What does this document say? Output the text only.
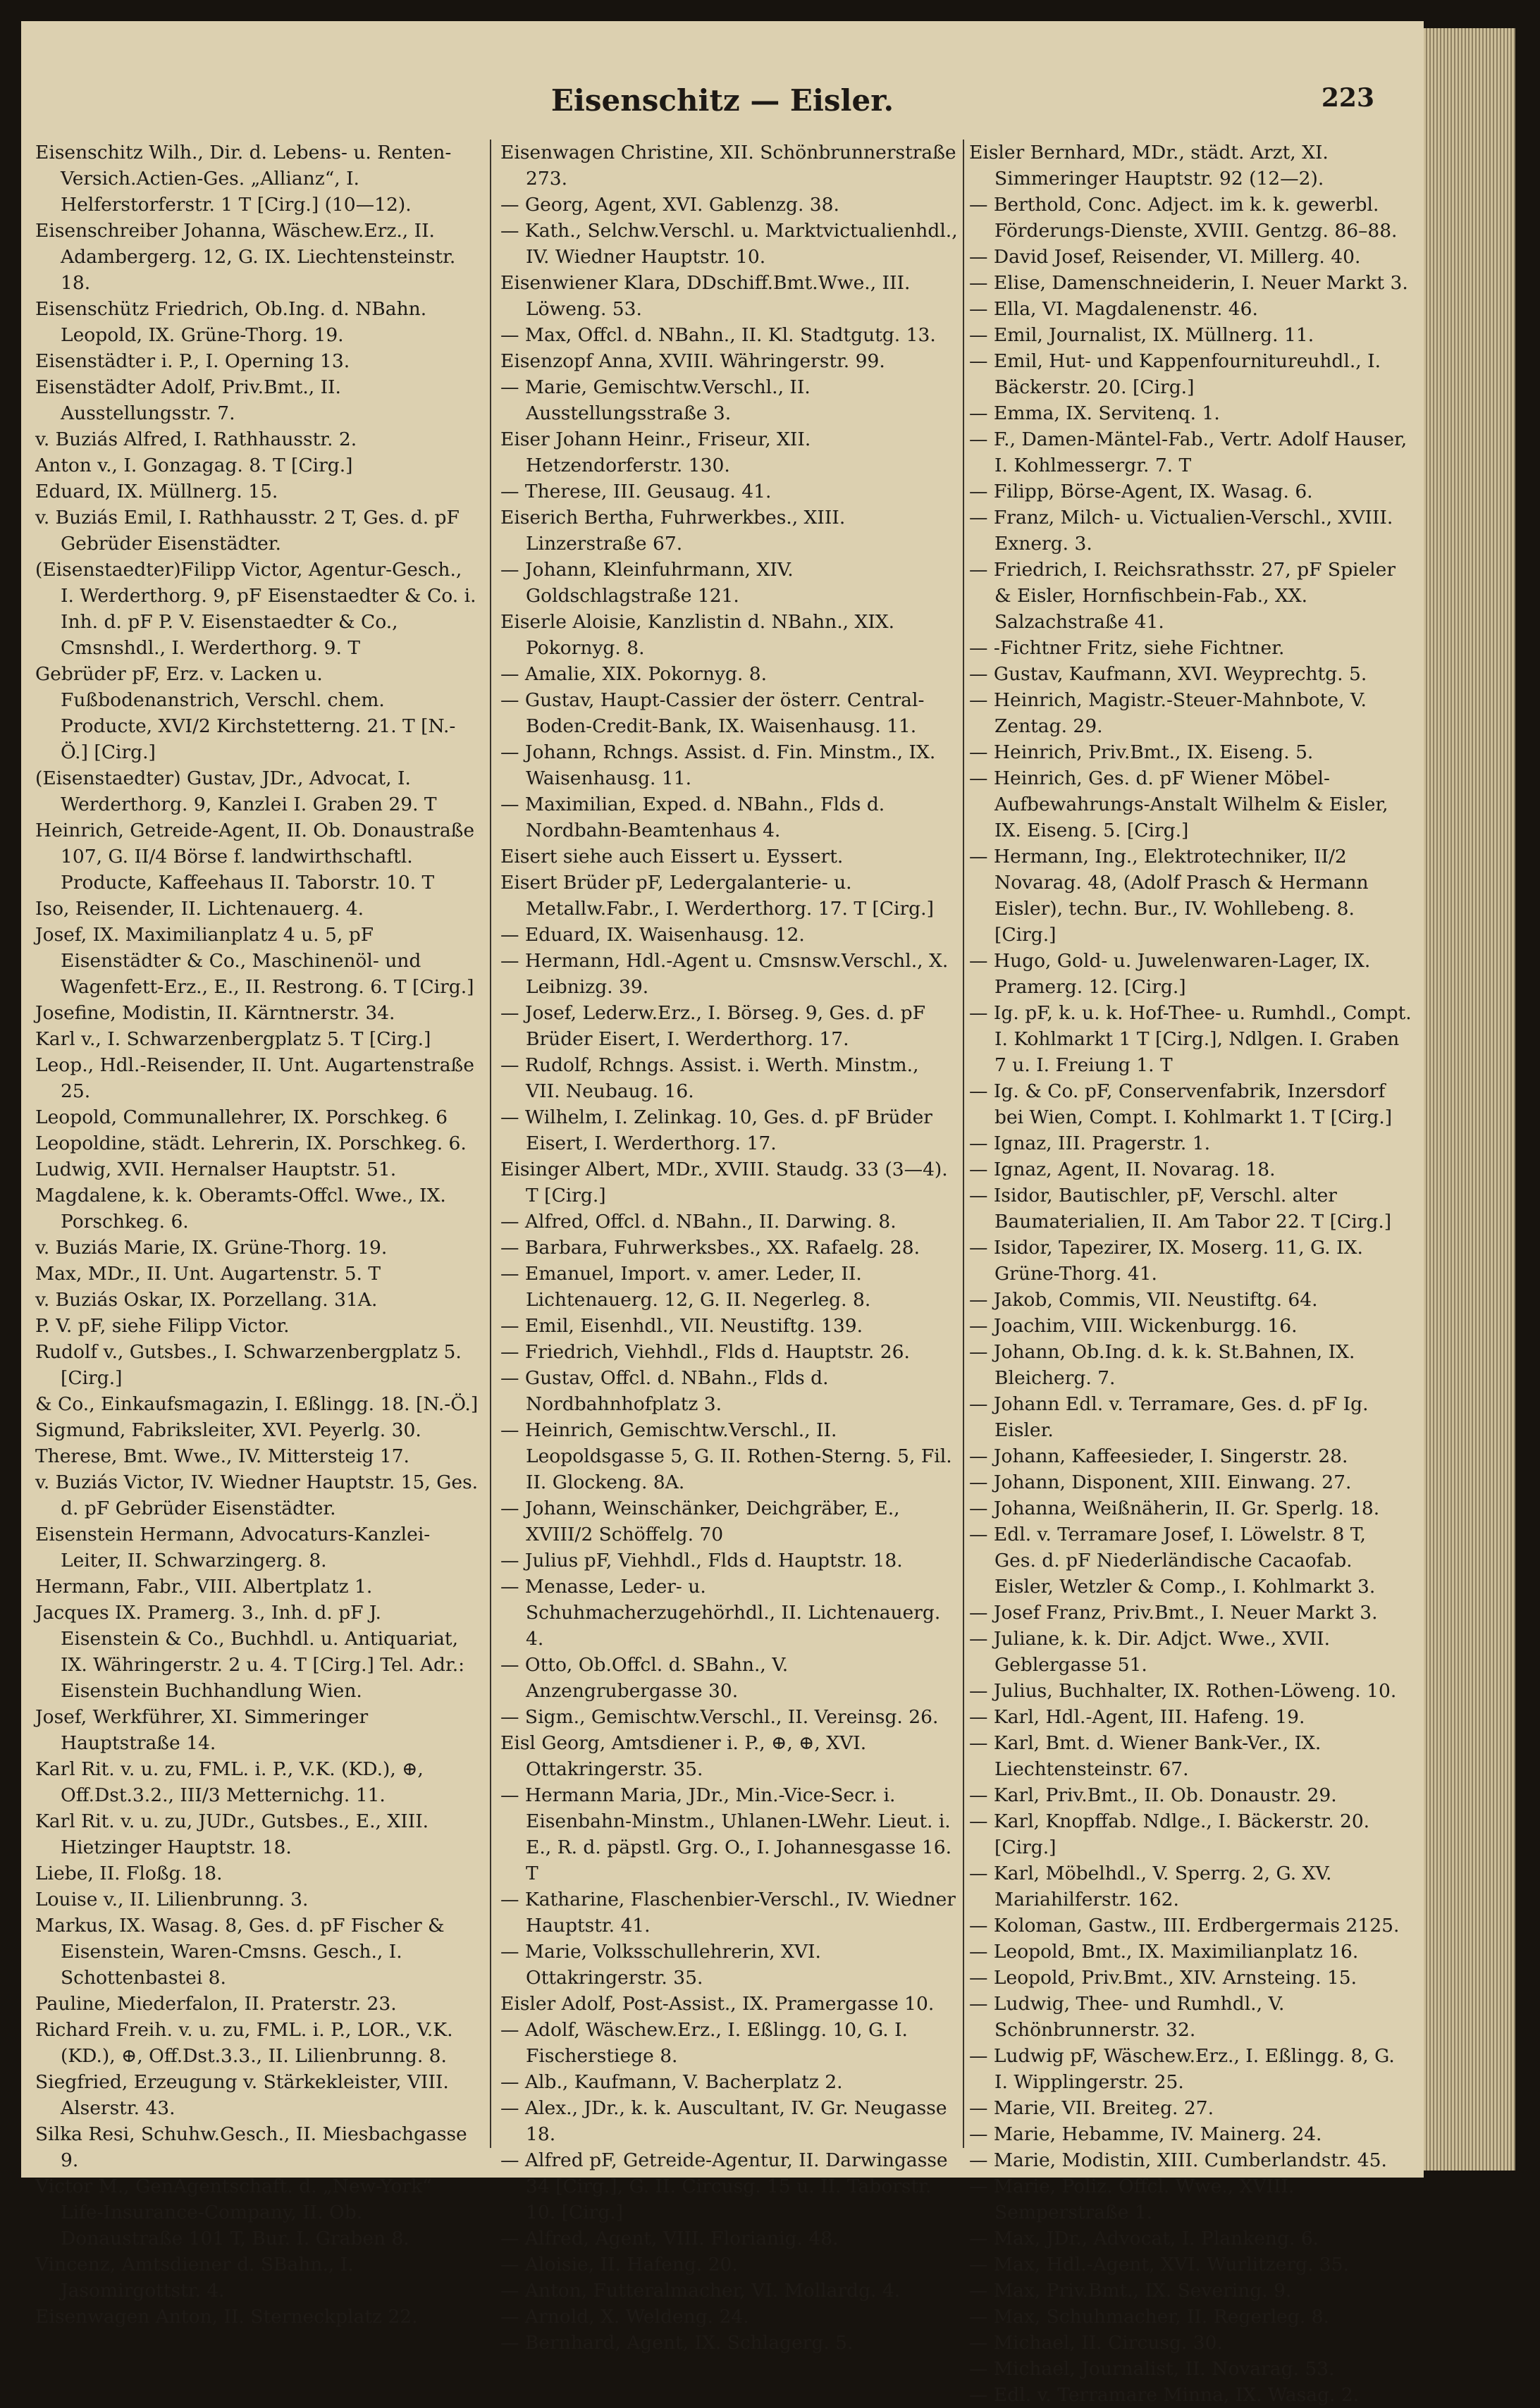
Eisenschitz — Eisler.	223
Eisenschitz Wilh., Dir. d. Lebens- u. Renten-Versich.Actien-Ges. „Allianz“, I. Helferstorferstr. 1 T [Cirg.] (10—12).
Eisenschreiber Johanna, Wäschew.Erz., II. Adambergerg. 12, G. IX. Liechtensteinstr. 18.
Eisenschütz Friedrich, Ob.Ing. d. NBahn. Leopold, IX. Grüne-Thorg. 19.
Eisenstädter i. P., I. Operning 13.
Eisenstädter Adolf, Priv.Bmt., II. Ausstellungsstr. 7.
v. Buziás Alfred, I. Rathhausstr. 2.
Anton v., I. Gonzagag. 8. T [Cirg.]
Eduard, IX. Müllnerg. 15.
v. Buziás Emil, I. Rathhausstr. 2 T, Ges. d. pF Gebrüder Eisenstädter.
(Eisenstaedter)Filipp Victor, Agentur-Gesch., I. Werderthorg. 9, pF Eisenstaedter & Co. i. Inh. d. pF P. V. Eisenstaedter & Co., Cmsnshdl., I. Werderthorg. 9. T
Gebrüder pF, Erz. v. Lacken u. Fußbodenanstrich, Verschl. chem. Producte, XVI/2 Kirchstetterng. 21. T [N.-Ö.] [Cirg.]
(Eisenstaedter) Gustav, JDr., Advocat, I. Werderthorg. 9, Kanzlei I. Graben 29. T
Heinrich, Getreide-Agent, II. Ob. Donaustraße 107, G. II/4 Börse f. landwirthschaftl. Producte, Kaffeehaus II. Taborstr. 10. T
Iso, Reisender, II. Lichtenauerg. 4.
Josef, IX. Maximilianplatz 4 u. 5, pF Eisenstädter & Co., Maschinenöl- und Wagenfett-Erz., E., II. Restrong. 6. T [Cirg.]
Josefine, Modistin, II. Kärntnerstr. 34.
Karl v., I. Schwarzenbergplatz 5. T [Cirg.]
Leop., Hdl.-Reisender, II. Unt. Augartenstraße 25.
Leopold, Communallehrer, IX. Porschkeg. 6
Leopoldine, städt. Lehrerin, IX. Porschkeg. 6.
Ludwig, XVII. Hernalser Hauptstr. 51.
Magdalene, k. k. Oberamts-Offcl. Wwe., IX. Porschkeg. 6.
v. Buziás Marie, IX. Grüne-Thorg. 19.
Max, MDr., II. Unt. Augartenstr. 5. T
v. Buziás Oskar, IX. Porzellang. 31A.
P. V. pF, siehe Filipp Victor.
Rudolf v., Gutsbes., I. Schwarzenbergplatz 5. [Cirg.]
& Co., Einkaufsmagazin, I. Eßlingg. 18. [N.-Ö.]
Sigmund, Fabriksleiter, XVI. Peyerlg. 30.
Therese, Bmt. Wwe., IV. Mittersteig 17.
v. Buziás Victor, IV. Wiedner Hauptstr. 15, Ges. d. pF Gebrüder Eisenstädter.
Eisenstein Hermann, Advocaturs-Kanzlei-Leiter, II. Schwarzingerg. 8.
Hermann, Fabr., VIII. Albertplatz 1.
Jacques IX. Pramerg. 3., Inh. d. pF J. Eisenstein & Co., Buchhdl. u. Antiquariat, IX. Währingerstr. 2 u. 4. T [Cirg.] Tel. Adr.: Eisenstein Buchhandlung Wien.
Josef, Werkführer, XI. Simmeringer Hauptstraße 14.
Karl Rit. v. u. zu, FML. i. P., V.K. (KD.), ⊕, Off.Dst.3.2., III/3 Metternichg. 11.
Karl Rit. v. u. zu, JUDr., Gutsbes., E., XIII. Hietzinger Hauptstr. 18.
Liebe, II. Floßg. 18.
Louise v., II. Lilienbrunng. 3.
Markus, IX. Wasag. 8, Ges. d. pF Fischer & Eisenstein, Waren-Cmsns. Gesch., I. Schottenbastei 8.
Pauline, Miederfalon, II. Praterstr. 23.
Richard Freih. v. u. zu, FML. i. P., LOR., V.K. (KD.), ⊕, Off.Dst.3.3., II. Lilienbrunng. 8.
Siegfried, Erzeugung v. Stärkekleister, VIII. Alserstr. 43.
Silka Resi, Schuhw.Gesch., II. Miesbachgasse 9.
Victor M., GenAgentschaft. d. „New-York“ Life-Insurance-Company, II. Ob. Donaustraße 101 T, Bur. I. Graben 8.
Vincenz, Amtsdiener d. SBahn., I. Jasomirgottstr. 4.
Eisenwagen Anton, II. Sterneckplatz 22.
Eisenwagen Christine, XII. Schönbrunnerstraße 273.
— Georg, Agent, XVI. Gablenzg. 38.
— Kath., Selchw.Verschl. u. Marktvictualienhdl., IV. Wiedner Hauptstr. 10.
Eisenwiener Klara, DDschiff.Bmt.Wwe., III. Löweng. 53.
— Max, Offcl. d. NBahn., II. Kl. Stadtgutg. 13.
Eisenzopf Anna, XVIII. Währingerstr. 99.
— Marie, Gemischtw.Verschl., II. Ausstellungsstraße 3.
Eiser Johann Heinr., Friseur, XII. Hetzendorferstr. 130.
— Therese, III. Geusaug. 41.
Eiserich Bertha, Fuhrwerkbes., XIII. Linzerstraße 67.
— Johann, Kleinfuhrmann, XIV. Goldschlagstraße 121.
Eiserle Aloisie, Kanzlistin d. NBahn., XIX. Pokornyg. 8.
— Amalie, XIX. Pokornyg. 8.
— Gustav, Haupt-Cassier der österr. Central-Boden-Credit-Bank, IX. Waisenhausg. 11.
— Johann, Rchngs. Assist. d. Fin. Minstm., IX. Waisenhausg. 11.
— Maximilian, Exped. d. NBahn., Flds d. Nordbahn-Beamtenhaus 4.
Eisert siehe auch Eissert u. Eyssert.
Eisert Brüder pF, Ledergalanterie- u. Metallw.Fabr., I. Werderthorg. 17. T [Cirg.]
— Eduard, IX. Waisenhausg. 12.
— Hermann, Hdl.-Agent u. Cmsnsw.Verschl., X. Leibnizg. 39.
— Josef, Lederw.Erz., I. Börseg. 9, Ges. d. pF Brüder Eisert, I. Werderthorg. 17.
— Rudolf, Rchngs. Assist. i. Werth. Minstm., VII. Neubaug. 16.
— Wilhelm, I. Zelinkag. 10, Ges. d. pF Brüder Eisert, I. Werderthorg. 17.
Eisinger Albert, MDr., XVIII. Staudg. 33 (3—4). T [Cirg.]
— Alfred, Offcl. d. NBahn., II. Darwing. 8.
— Barbara, Fuhrwerksbes., XX. Rafaelg. 28.
— Emanuel, Import. v. amer. Leder, II. Lichtenauerg. 12, G. II. Negerleg. 8.
— Emil, Eisenhdl., VII. Neustiftg. 139.
— Friedrich, Viehhdl., Flds d. Hauptstr. 26.
— Gustav, Offcl. d. NBahn., Flds d. Nordbahnhofplatz 3.
— Heinrich, Gemischtw.Verschl., II. Leopoldsgasse 5, G. II. Rothen-Sterng. 5, Fil. II. Glockeng. 8A.
— Johann, Weinschänker, Deichgräber, E., XVIII/2 Schöffelg. 70
— Julius pF, Viehhdl., Flds d. Hauptstr. 18.
— Menasse, Leder- u. Schuhmacherzugehörhdl., II. Lichtenauerg. 4.
— Otto, Ob.Offcl. d. SBahn., V. Anzengrubergasse 30.
— Sigm., Gemischtw.Verschl., II. Vereinsg. 26.
Eisl Georg, Amtsdiener i. P., ⊕, ⊕, XVI. Ottakringerstr. 35.
— Hermann Maria, JDr., Min.-Vice-Secr. i. Eisenbahn-Minstm., Uhlanen-LWehr. Lieut. i. E., R. d. päpstl. Grg. O., I. Johannesgasse 16. T
— Katharine, Flaschenbier-Verschl., IV. Wiedner Hauptstr. 41.
— Marie, Volksschullehrerin, XVI. Ottakringerstr. 35.
Eisler Adolf, Post-Assist., IX. Pramergasse 10.
— Adolf, Wäschew.Erz., I. Eßlingg. 10, G. I. Fischerstiege 8.
— Alb., Kaufmann, V. Bacherplatz 2.
— Alex., JDr., k. k. Auscultant, IV. Gr. Neugasse 18.
— Alfred pF, Getreide-Agentur, II. Darwingasse 34 [Cirg.], G. II. Circusg. 15 u. II. Taborstr. 10. [Cirg.]
— Alfred, Agent, VIII. Florianig. 48.
— Aloisie, II. Hafeng. 20.
— Anton, Futteralmacher, VI. Mollardg. 4.
— Arnold, X. Weldeng. 24.
— Bernhard, Agent, IX. Schlagerg. 5.
Eisler Bernhard, MDr., städt. Arzt, XI. Simmeringer Hauptstr. 92 (12—2).
— Berthold, Conc. Adject. im k. k. gewerbl. Förderungs-Dienste, XVIII. Gentzg. 86–88.
— David Josef, Reisender, VI. Millerg. 40.
— Elise, Damenschneiderin, I. Neuer Markt 3.
— Ella, VI. Magdalenenstr. 46.
— Emil, Journalist, IX. Müllnerg. 11.
— Emil, Hut- und Kappenfournitureuhdl., I. Bäckerstr. 20. [Cirg.]
— Emma, IX. Servitenq. 1.
— F., Damen-Mäntel-Fab., Vertr. Adolf Hauser, I. Kohlmessergr. 7. T
— Filipp, Börse-Agent, IX. Wasag. 6.
— Franz, Milch- u. Victualien-Verschl., XVIII. Exnerg. 3.
— Friedrich, I. Reichsrathsstr. 27, pF Spieler & Eisler, Hornfischbein-Fab., XX. Salzachstraße 41.
— -Fichtner Fritz, siehe Fichtner.
— Gustav, Kaufmann, XVI. Weyprechtg. 5.
— Heinrich, Magistr.-Steuer-Mahnbote, V. Zentag. 29.
— Heinrich, Priv.Bmt., IX. Eiseng. 5.
— Heinrich, Ges. d. pF Wiener Möbel-Aufbewahrungs-Anstalt Wilhelm & Eisler, IX. Eiseng. 5. [Cirg.]
— Hermann, Ing., Elektrotechniker, II/2 Novarag. 48, (Adolf Prasch & Hermann Eisler), techn. Bur., IV. Wohllebeng. 8. [Cirg.]
— Hugo, Gold- u. Juwelenwaren-Lager, IX. Pramerg. 12. [Cirg.]
— Ig. pF, k. u. k. Hof-Thee- u. Rumhdl., Compt. I. Kohlmarkt 1 T [Cirg.], Ndlgen. I. Graben 7 u. I. Freiung 1. T
— Ig. & Co. pF, Conservenfabrik, Inzersdorf bei Wien, Compt. I. Kohlmarkt 1. T [Cirg.]
— Ignaz, III. Pragerstr. 1.
— Ignaz, Agent, II. Novarag. 18.
— Isidor, Bautischler, pF, Verschl. alter Baumaterialien, II. Am Tabor 22. T [Cirg.]
— Isidor, Tapezirer, IX. Moserg. 11, G. IX. Grüne-Thorg. 41.
— Jakob, Commis, VII. Neustiftg. 64.
— Joachim, VIII. Wickenburgg. 16.
— Johann, Ob.Ing. d. k. k. St.Bahnen, IX. Bleicherg. 7.
— Johann Edl. v. Terramare, Ges. d. pF Ig. Eisler.
— Johann, Kaffeesieder, I. Singerstr. 28.
— Johann, Disponent, XIII. Einwang. 27.
— Johanna, Weißnäherin, II. Gr. Sperlg. 18.
— Edl. v. Terramare Josef, I. Löwelstr. 8 T, Ges. d. pF Niederländische Cacaofab. Eisler, Wetzler & Comp., I. Kohlmarkt 3.
— Josef Franz, Priv.Bmt., I. Neuer Markt 3.
— Juliane, k. k. Dir. Adjct. Wwe., XVII. Geblergasse 51.
— Julius, Buchhalter, IX. Rothen-Löweng. 10.
— Karl, Hdl.-Agent, III. Hafeng. 19.
— Karl, Bmt. d. Wiener Bank-Ver., IX. Liechtensteinstr. 67.
— Karl, Priv.Bmt., II. Ob. Donaustr. 29.
— Karl, Knopffab. Ndlge., I. Bäckerstr. 20. [Cirg.]
— Karl, Möbelhdl., V. Sperrg. 2, G. XV. Mariahilferstr. 162.
— Koloman, Gastw., III. Erdbergermais 2125.
— Leopold, Bmt., IX. Maximilianplatz 16.
— Leopold, Priv.Bmt., XIV. Arnsteing. 15.
— Ludwig, Thee- und Rumhdl., V. Schönbrunnerstr. 32.
— Ludwig pF, Wäschew.Erz., I. Eßlingg. 8, G. I. Wipplingerstr. 25.
— Marie, VII. Breiteg. 27.
— Marie, Hebamme, IV. Mainerg. 24.
— Marie, Modistin, XIII. Cumberlandstr. 45.
— Marie, Poliz. Offcl. Wwe., XVIII. Semperstraße 1.
— Max, JDr., Advocat, I. Plankeng. 6.
— Max, Hdl.-Agent, XVI. Wurlitzerg. 35.
— Max, Priv.Bmt., IX. Severing. 9.
— Max, Schuhmacher, II. Regerleg. 8.
— Michael, II. Circusg. 30.
— Michael, Journalist, II. Novarag. 53.
— Edl. v. Terramare Minna, IX. Wasag. 2.
